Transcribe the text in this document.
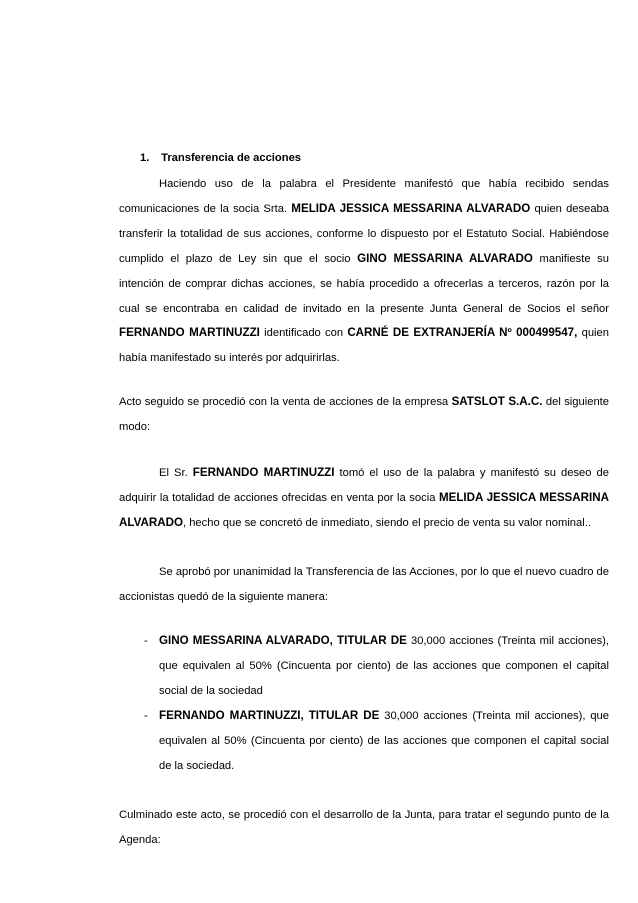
1. Transferencia de acciones

Haciendo uso de la palabra el Presidente manifestó que había recibido sendas comunicaciones de la socia Srta. MELIDA JESSICA MESSARINA ALVARADO quien deseaba transferir la totalidad de sus acciones, conforme lo dispuesto por el Estatuto Social. Habiéndose cumplido el plazo de Ley sin que el socio GINO MESSARINA ALVARADO manifieste su intención de comprar dichas acciones, se había procedido a ofrecerlas a terceros, razón por la cual se encontraba en calidad de invitado en la presente Junta General de Socios el señor FERNANDO MARTINUZZI identificado con CARNÉ DE EXTRANJERÍA Nº 000499547, quien había manifestado su interés por adquirirlas.

Acto seguido se procedió con la venta de acciones de la empresa SATSLOT S.A.C. del siguiente modo:

El Sr. FERNANDO MARTINUZZI tomó el uso de la palabra y manifestó su deseo de adquirir la totalidad de acciones ofrecidas en venta por la socia MELIDA JESSICA MESSARINA ALVARADO, hecho que se concretó de inmediato, siendo el precio de venta su valor nominal..

Se aprobó por unanimidad la Transferencia de las Acciones, por lo que el nuevo cuadro de accionistas quedó de la siguiente manera:

- GINO MESSARINA ALVARADO, TITULAR DE 30,000 acciones (Treinta mil acciones), que equivalen al 50% (Cincuenta por ciento) de las acciones que componen el capital social de la sociedad
- FERNANDO MARTINUZZI, TITULAR DE 30,000 acciones (Treinta mil acciones), que equivalen al 50% (Cincuenta por ciento) de las acciones que componen el capital social de la sociedad.

Culminado este acto, se procedió con el desarrollo de la Junta, para tratar el segundo punto de la Agenda:
